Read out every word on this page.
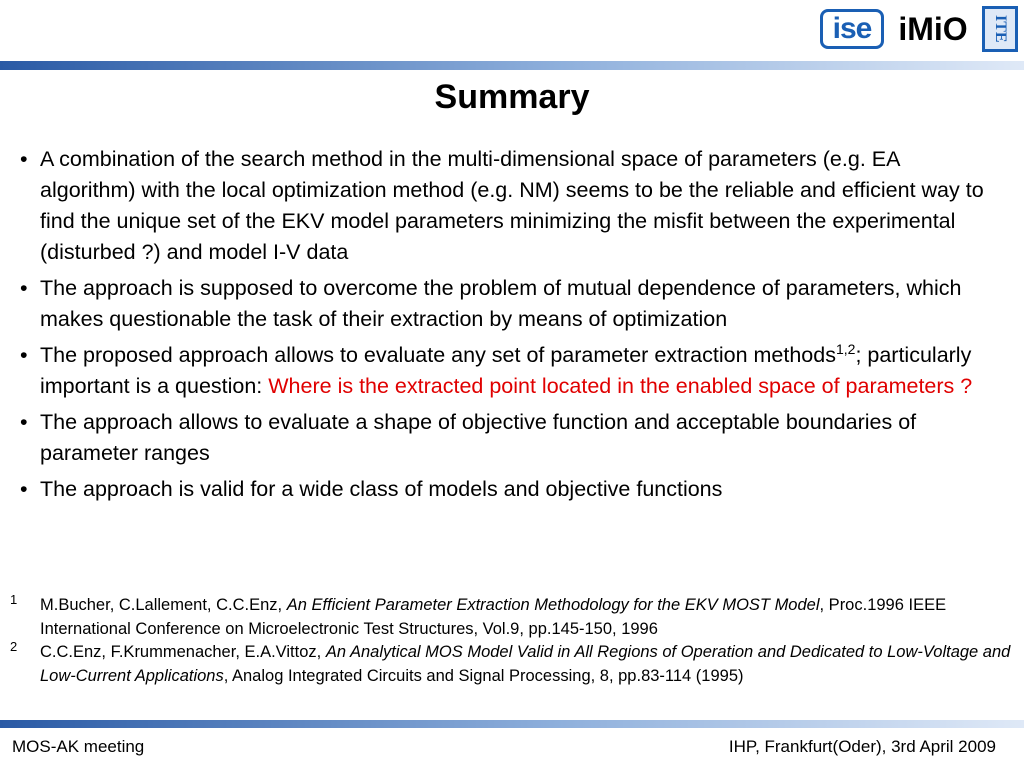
ise iMiO	ITE
Summary
• A combination of the search method in the multi-dimensional space of parameters (e.g. EA algorithm) with the local optimization method (e.g. NM) seems to be the reliable and efficient way to find the unique set of the EKV model parameters minimizing the misfit between the experimental (disturbed ?) and model I-V data
• The approach is supposed to overcome the problem of mutual dependence of parameters, which makes questionable the task of their extraction by means of optimization
• The proposed approach allows to evaluate any set of parameter extraction methods$^{1,2}$; particularly important is a question: Where is the extracted point located in the enabled space of parameters ?
• The approach allows to evaluate a shape of objective function and acceptable boundaries of parameter ranges
• The approach is valid for a wide class of models and objective functions
1 M.Bucher, C.Lallement, C.C.Enz, An Efficient Parameter Extraction Methodology for the EKV MOST Model, Proc.1996 IEEE International Conference on Microelectronic Test Structures, Vol.9, pp.145-150, 1996
2 C.C.Enz, F.Krummenacher, E.A.Vittoz, An Analytical MOS Model Valid in All Regions of Operation and Dedicated to Low-Voltage and Low-Current Applications, Analog Integrated Circuits and Signal Processing, 8, pp.83-114 (1995)
MOS-AK meeting	IHP, Frankfurt(Oder), 3rd April 2009
